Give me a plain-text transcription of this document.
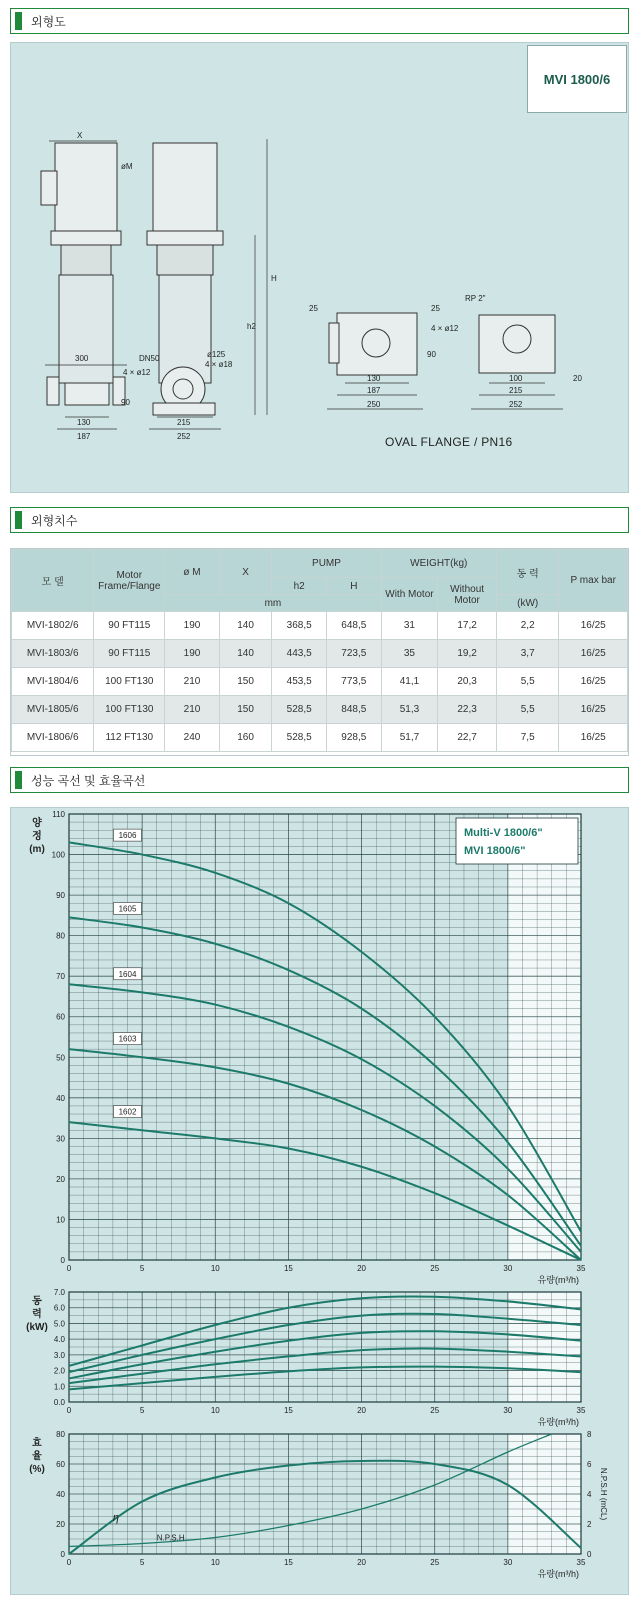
외형도
X
øM
H
h2
300
130
187
90
4 × ø12
DN50	ø125
4 × ø18
215
252
25	25
4 × ø12
90
130
187
250
RP 2"
100
215
252
20
MVI 1800/6
OVAL FLANGE / PN16
외형치수
모 델	Motor Frame/Flange	ø M	X	PUMP		WEIGHT(kg)		동 력	P max bar
				h2	H	With Motor	Without Motor		
		mm						(kW)	
MVI-1802/6	90 FT115	190	140	368,5	648,5	31	17,2	2,2	16/25
MVI-1803/6	90 FT115	190	140	443,5	723,5	35	19,2	3,7	16/25
MVI-1804/6	100 FT130	210	150	453,5	773,5	41,1	20,3	5,5	16/25
MVI-1805/6	100 FT130	210	150	528,5	848,5	51,3	22,3	5,5	16/25
MVI-1806/6	112 FT130	240	160	528,5	928,5	51,7	22,7	7,5	16/25
성능 곡선 및 효율곡선
0	5	10	15	20	25	30	35
0
10
20
30
40
50
60
70
80
90
100
110
양
정
(m)
유량(m³/h)
1606
1605
1604
1603
1602
0	5	10	15	20	25	30	35
0.0
1.0
2.0
3.0
4.0
5.0
6.0
7.0
동
력
(kW)
유량(m³/h)
0	5	10	15	20	25	30	35
0
20
40
60
80
효
율
(%)
유량(m³/h)
η
N.P.S.H
0
2
4
6
8
N.P.S.H (mCL)
Multi-V 1800/6"
MVI 1800/6"
